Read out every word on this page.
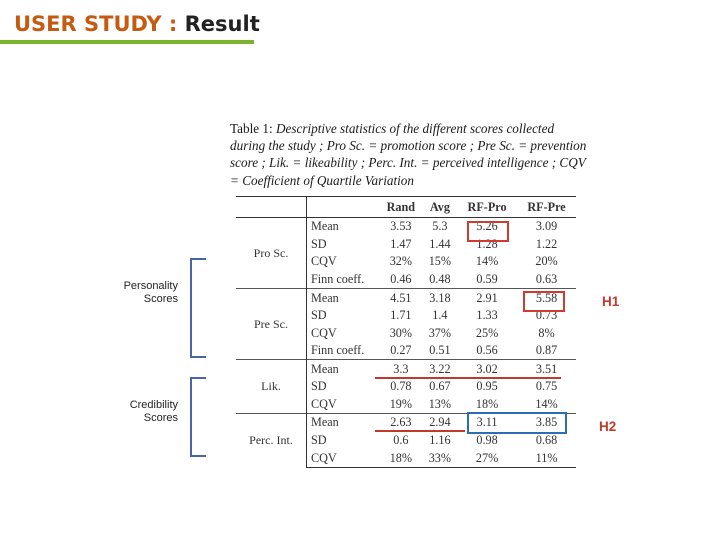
USER STUDY : Result
Table 1: Descriptive statistics of the different scores collected during the study ; Pro Sc. = promotion score ; Pre Sc. = prevention score ; Lik. = likeability ; Perc. Int. = perceived intelligence ; CQV = Coefficient of Quartile Variation
		Rand	Avg	RF-Pro	RF-Pre
Pro Sc.	Mean	3.53	5.3	5.26	3.09
	SD	1.47	1.44	1.28	1.22
	CQV	32%	15%	14%	20%
	Finn coeff.	0.46	0.48	0.59	0.63
Pre Sc.	Mean	4.51	3.18	2.91	5.58
	SD	1.71	1.4	1.33	0.73
	CQV	30%	37%	25%	8%
	Finn coeff.	0.27	0.51	0.56	0.87
Lik.	Mean	3.3	3.22	3.02	3.51
	SD	0.78	0.67	0.95	0.75
	CQV	19%	13%	18%	14%
Perc. Int.	Mean	2.63	2.94	3.11	3.85
	SD	0.6	1.16	0.98	0.68
	CQV	18%	33%	27%	11%
Personality
Scores
Credibility
Scores
H1
H2
